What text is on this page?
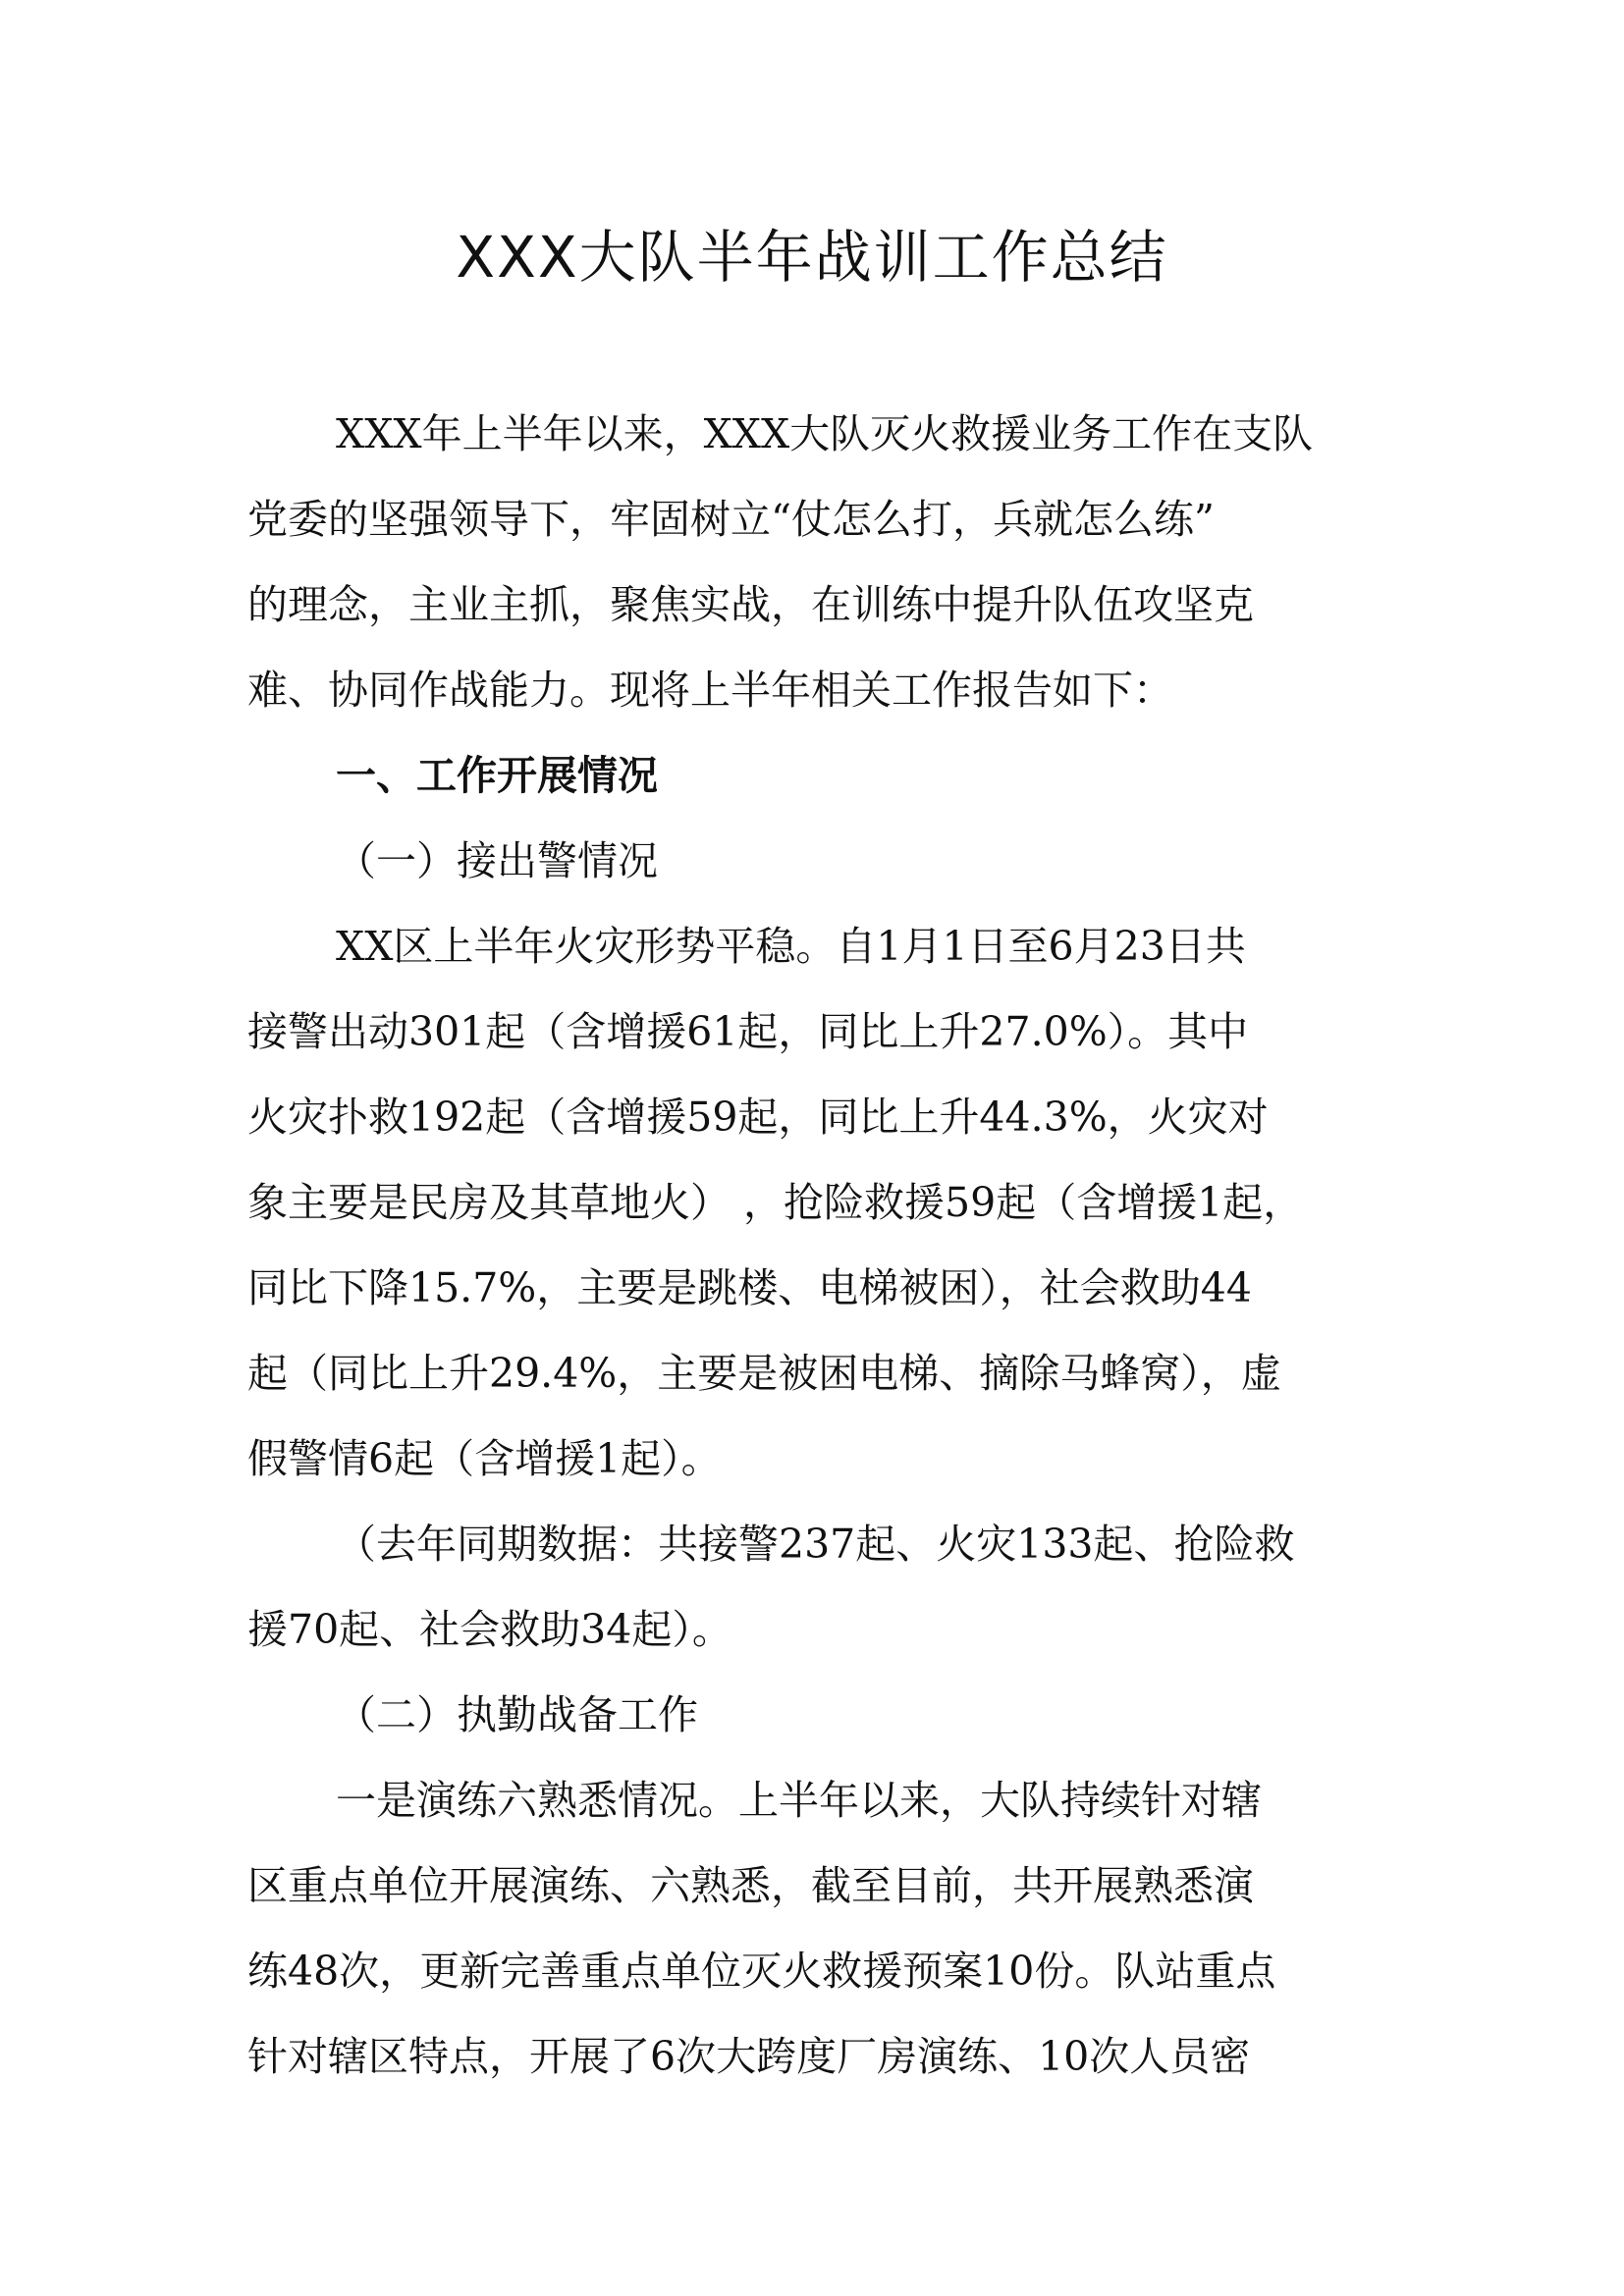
XXX大队半年战训工作总结

XXX年上半年以来，XXX大队灭火救援业务工作在支队

党委的坚强领导下，牢固树立“仗怎么打，兵就怎么练”

的理念，主业主抓，聚焦实战，在训练中提升队伍攻坚克

难、协同作战能力。现将上半年相关工作报告如下：

一、工作开展情况

（一）接出警情况

XX区上半年火灾形势平稳。自1月1日至6月23日共

接警出动301起（含增援61起，同比上升27.0%）。其中

火灾扑救192起（含增援59起，同比上升44.3%，火灾对

象主要是民房及其草地火） ，抢险救援59起（含增援1起，

同比下降15.7%，主要是跳楼、电梯被困），社会救助44

起（同比上升29.4%，主要是被困电梯、摘除马蜂窝），虚

假警情6起（含增援1起）。

（去年同期数据：共接警237起、火灾133起、抢险救

援70起、社会救助34起）。

（二）执勤战备工作

一是演练六熟悉情况。上半年以来，大队持续针对辖

区重点单位开展演练、六熟悉，截至目前，共开展熟悉演

练48次，更新完善重点单位灭火救援预案10份。队站重点

针对辖区特点，开展了6次大跨度厂房演练、10次人员密
